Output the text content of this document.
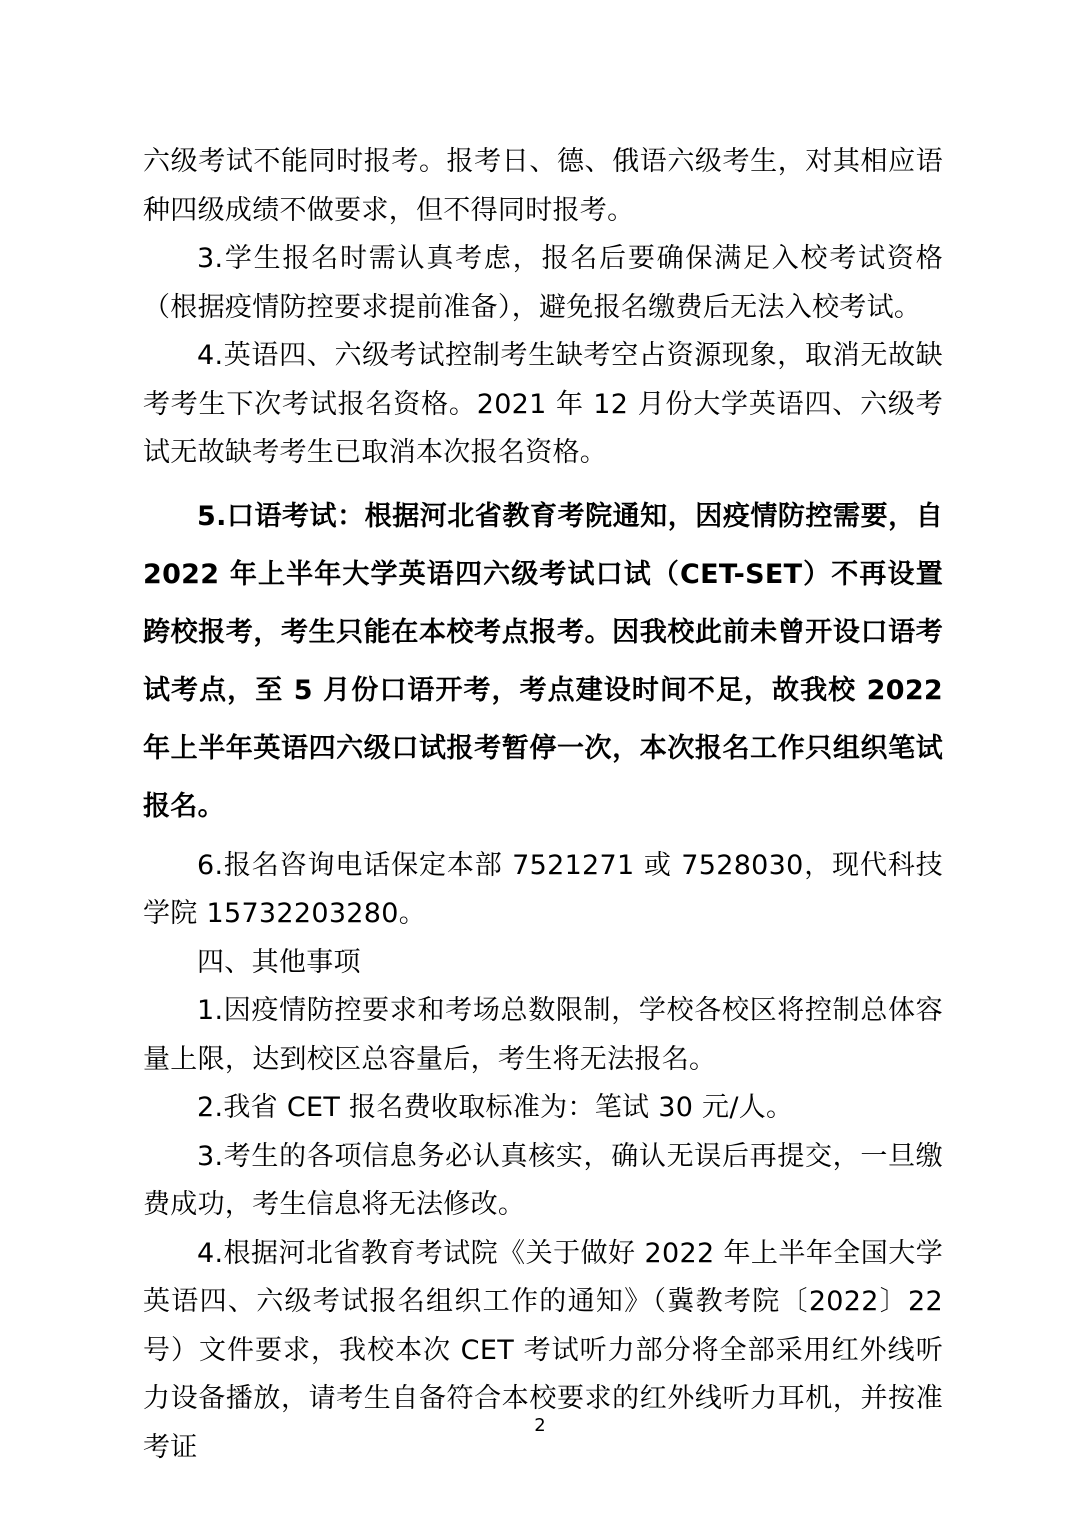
六级考试不能同时报考。报考日、德、俄语六级考生，对其相应语种四级成绩不做要求，但不得同时报考。

3.学生报名时需认真考虑，报名后要确保满足入校考试资格（根据疫情防控要求提前准备），避免报名缴费后无法入校考试。

4.英语四、六级考试控制考生缺考空占资源现象，取消无故缺考考生下次考试报名资格。2021 年 12 月份大学英语四、六级考试无故缺考考生已取消本次报名资格。

5.口语考试：根据河北省教育考院通知，因疫情防控需要，自 2022 年上半年大学英语四六级考试口试（CET-SET）不再设置跨校报考，考生只能在本校考点报考。因我校此前未曾开设口语考试考点，至 5 月份口语开考，考点建设时间不足，故我校 2022 年上半年英语四六级口试报考暂停一次，本次报名工作只组织笔试报名。

6.报名咨询电话保定本部 7521271 或 7528030，现代科技学院 15732203280。

四、其他事项

1.因疫情防控要求和考场总数限制，学校各校区将控制总体容量上限，达到校区总容量后，考生将无法报名。

2.我省 CET 报名费收取标准为：笔试 30 元/人。

3.考生的各项信息务必认真核实，确认无误后再提交，一旦缴费成功，考生信息将无法修改。

4.根据河北省教育考试院《关于做好 2022 年上半年全国大学英语四、六级考试报名组织工作的通知》（冀教考院〔2022〕22 号）文件要求，我校本次 CET 考试听力部分将全部采用红外线听力设备播放，请考生自备符合本校要求的红外线听力耳机，并按准考证

2
